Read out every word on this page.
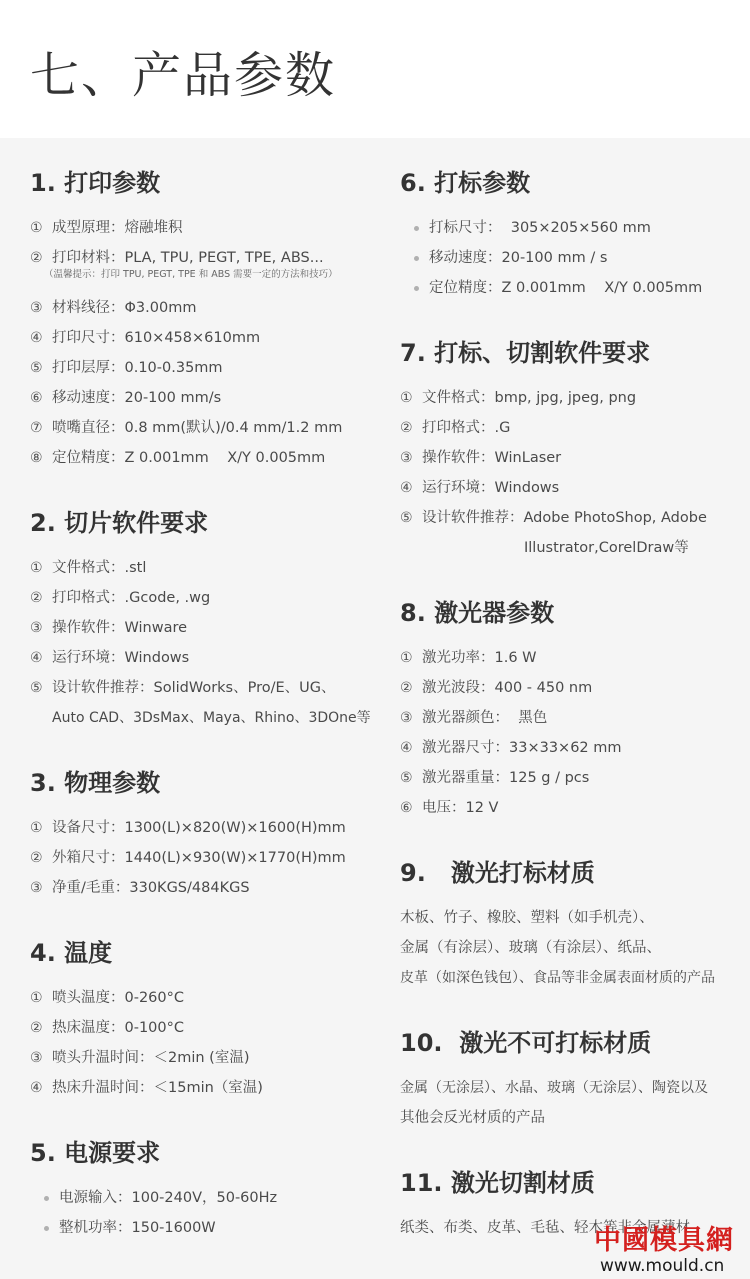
七、产品参数
1. 打印参数
① 成型原理：熔融堆积
② 打印材料：PLA, TPU, PEGT, TPE, ABS...
（温馨提示：打印 TPU, PEGT, TPE 和 ABS 需要一定的方法和技巧）
③ 材料线径：Φ3.00mm
④ 打印尺寸：610×458×610mm
⑤ 打印层厚：0.10-0.35mm
⑥ 移动速度：20-100 mm/s
⑦ 喷嘴直径：0.8 mm(默认)/0.4 mm/1.2 mm
⑧ 定位精度：Z 0.001mm    X/Y 0.005mm
2. 切片软件要求
① 文件格式：.stl
② 打印格式：.Gcode, .wg
③ 操作软件：Winware
④ 运行环境：Windows
⑤ 设计软件推荐：SolidWorks、Pro/E、UG、
Auto CAD、3DsMax、Maya、Rhino、3DOne等
3. 物理参数
① 设备尺寸：1300(L)×820(W)×1600(H)mm
② 外箱尺寸：1440(L)×930(W)×1770(H)mm
③ 净重/毛重：330KGS/484KGS
4. 温度
① 喷头温度：0-260°C
② 热床温度：0-100°C
③ 喷头升温时间：＜2min (室温)
④ 热床升温时间：＜15min（室温)
5. 电源要求
电源输入：100-240V，50-60Hz
整机功率：150-1600W
6. 打标参数
打标尺寸：  305×205×560 mm
移动速度：20-100 mm / s
定位精度：Z 0.001mm    X/Y 0.005mm
7. 打标、切割软件要求
① 文件格式：bmp, jpg, jpeg, png
② 打印格式：.G
③ 操作软件：WinLaser
④ 运行环境：Windows
⑤ 设计软件推荐：Adobe PhotoShop, Adobe
Illustrator,CorelDraw等
8. 激光器参数
① 激光功率：1.6 W
② 激光波段：400 - 450 nm
③ 激光器颜色：  黑色
④ 激光器尺寸：33×33×62 mm
⑤ 激光器重量：125 g / pcs
⑥ 电压：12 V
9.   激光打标材质
木板、竹子、橡胶、塑料（如手机壳）、
金属（有涂层）、玻璃（有涂层）、纸品、
皮革（如深色钱包）、食品等非金属表面材质的产品
10.  激光不可打标材质
金属（无涂层）、水晶、玻璃（无涂层）、陶瓷以及
其他会反光材质的产品
11. 激光切割材质
纸类、布类、皮革、毛毡、轻木等非金属薄材
中國模具網
www.mould.cn
